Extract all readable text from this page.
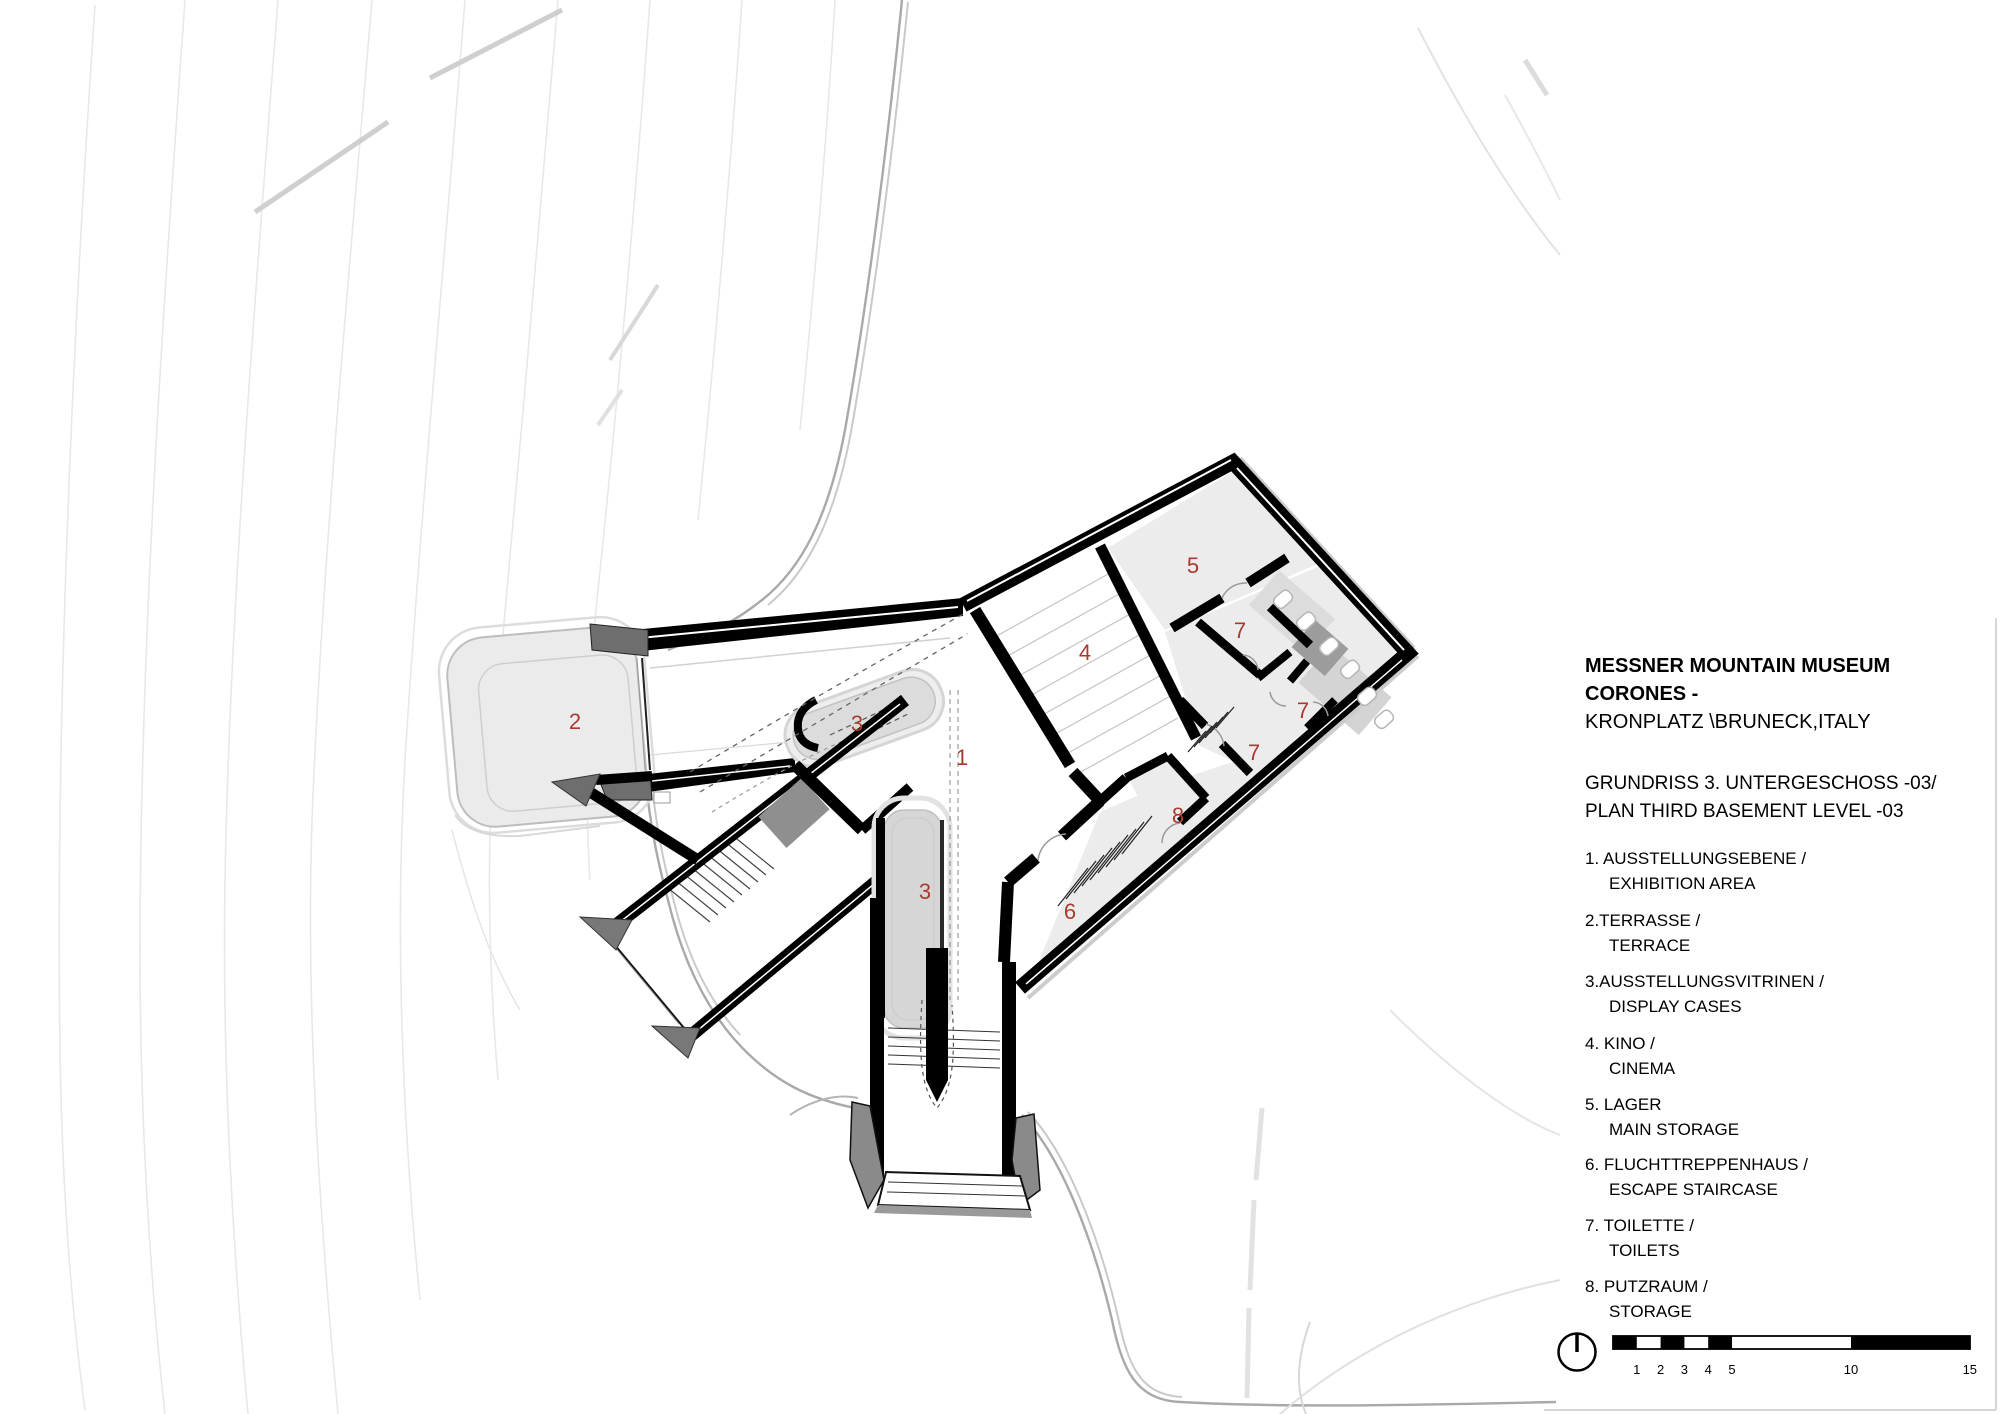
1
2	3
3
4
5
6
7
7
7
8
1 2 3 4 5	10	15
MESSNER MOUNTAIN MUSEUM
CORONES -
KRONPLATZ \BRUNECK,ITALY
GRUNDRISS 3. UNTERGESCHOSS -03/
PLAN THIRD BASEMENT LEVEL -03
1. AUSSTELLUNGSEBENE /
EXHIBITION AREA
2.TERRASSE /
TERRACE
3.AUSSTELLUNGSVITRINEN /
DISPLAY CASES
4. KINO /
CINEMA
5. LAGER
MAIN STORAGE
6. FLUCHTTREPPENHAUS /
ESCAPE STAIRCASE
7. TOILETTE /
TOILETS
8. PUTZRAUM /
STORAGE
